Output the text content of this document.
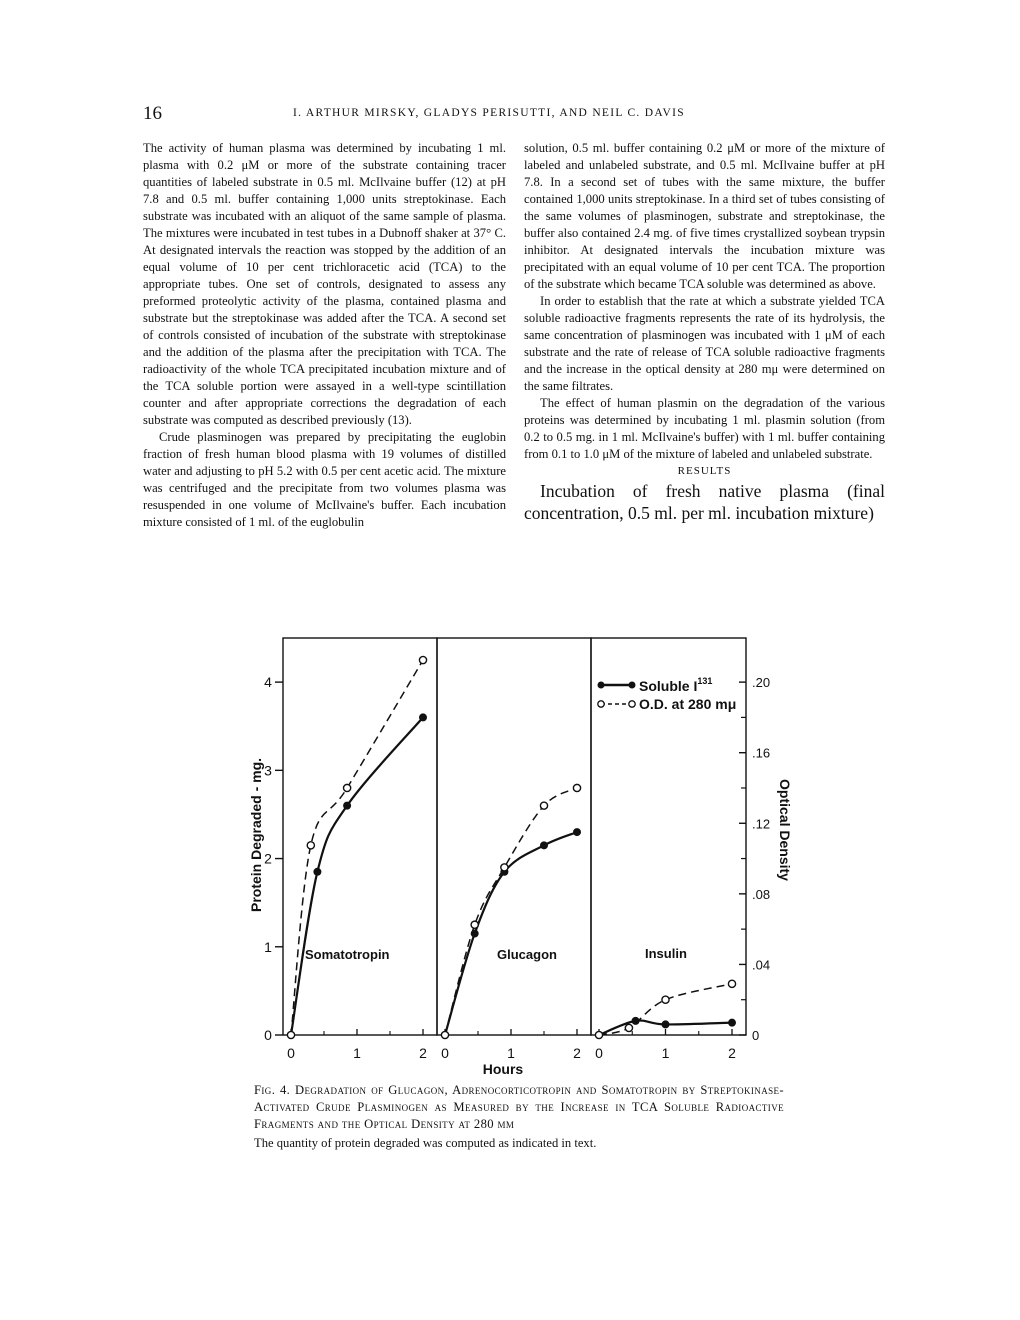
16	I. ARTHUR MIRSKY, GLADYS PERISUTTI, AND NEIL C. DAVIS

The activity of human plasma was determined by incubating 1 ml. plasma with 0.2 μM or more of the substrate containing tracer quantities of labeled substrate in 0.5 ml. McIlvaine buffer (12) at pH 7.8 and 0.5 ml. buffer containing 1,000 units streptokinase. Each substrate was incubated with an aliquot of the same sample of plasma. The mixtures were incubated in test tubes in a Dubnoff shaker at 37° C. At designated intervals the reaction was stopped by the addition of an equal volume of 10 per cent trichloracetic acid (TCA) to the appropriate tubes. One set of controls, designated to assess any preformed proteolytic activity of the plasma, contained plasma and substrate but the streptokinase was added after the TCA. A second set of controls consisted of incubation of the substrate with streptokinase and the addition of the plasma after the precipitation with TCA. The radioactivity of the whole TCA precipitated incubation mixture and of the TCA soluble portion were assayed in a well-type scintillation counter and after appropriate corrections the degradation of each substrate was computed as described previously (13).

Crude plasminogen was prepared by precipitating the euglobin fraction of fresh human blood plasma with 19 volumes of distilled water and adjusting to pH 5.2 with 0.5 per cent acetic acid. The mixture was centrifuged and the precipitate from two volumes plasma was resuspended in one volume of McIlvaine's buffer. Each incubation mixture consisted of 1 ml. of the euglobulin

solution, 0.5 ml. buffer containing 0.2 μM or more of the mixture of labeled and unlabeled substrate, and 0.5 ml. McIlvaine buffer at pH 7.8. In a second set of tubes with the same mixture, the buffer contained 1,000 units streptokinase. In a third set of tubes consisting of the same volumes of plasminogen, substrate and streptokinase, the buffer also contained 2.4 mg. of five times crystallized soybean trypsin inhibitor. At designated intervals the incubation mixture was precipitated with an equal volume of 10 per cent TCA. The proportion of the substrate which became TCA soluble was determined as above.

In order to establish that the rate at which a substrate yielded TCA soluble radioactive fragments represents the rate of its hydrolysis, the same concentration of plasminogen was incubated with 1 μM of each substrate and the rate of release of TCA soluble radioactive fragments and the increase in the optical density at 280 mμ were determined on the same filtrates.

The effect of human plasmin on the degradation of the various proteins was determined by incubating 1 ml. plasmin solution (from 0.2 to 0.5 mg. in 1 ml. McIlvaine's buffer) with 1 ml. buffer containing from 0.1 to 1.0 μM of the mixture of labeled and unlabeled substrate.

RESULTS

Incubation of fresh native plasma (final concentration, 0.5 ml. per ml. incubation mixture)

0
1
2
3
4
0
.04
.08
.12
.16
.20
Protein Degraded - mg.	Optical Density
Hours
0	1	2
Somatotropin
0	1	2
Glucagon
0	1	2
Insulin
Soluble $I^{131}$
O.D. at 280 mμ
Fig. 4. Degradation of Glucagon, Adrenocorticotropin and Somatotropin by Streptokinase-Activated Crude Plasminogen as Measured by the Increase in TCA Soluble Radioactive Fragments and the Optical Density at 280 mμ
The quantity of protein degraded was computed as indicated in text.
